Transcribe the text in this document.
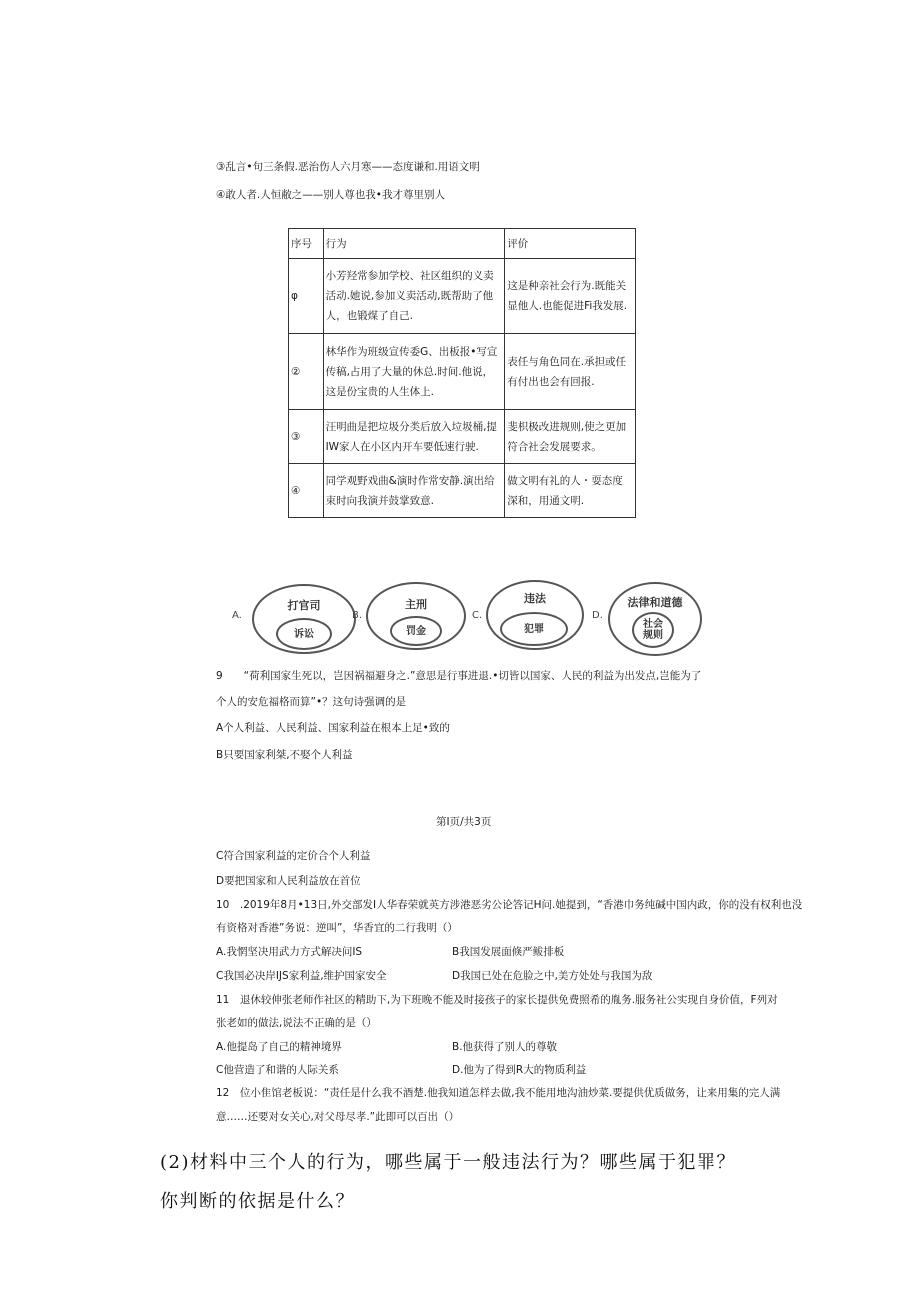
③乱言•句三条假.恶治伤人六月寒——态度谦和.用语文明
④敢人者.人恒敝之——别人尊也我•我才尊里别人
序号	行为	评价
φ	小芳羟常参加学校、社区组织的义卖活动.她说,参加义卖活动,既帮助了他人，也锻煤了自己.	这是种亲社会行为.既能关显他人.也能促进Fi我发展.
②	林华作为班级宣传委G、出板报•写宣传稿,占用了大量的休总.时间.他说，这是份宝贵的人生体上.	表任与角色同在.承担或任有付出也会有回报.
③	汪明曲是把垃圾分类后放入垃圾桶,提IW家人在小区内开车要低速行驶.	斐枳极改进规则,使之更加符合社会发展要求。
④	同学观野戏曲&演时作常安静.演出给束时向我演并鼓掌致意.	做文明有礼的人・耍态度深和，用通文明.
A.
打官司
诉讼
B.
主刑
罚金
C.
违法
犯罪
D.
法律和道德
社会规则
9　　“荷利国家生死以，岂因祸福避身之.”意思是行事进退.•切皆以国家、人民的利益为出发点,岂能为了
个人的安危福格而算”•？这句诗强调的是
A个人利益、人民利益、国家利益在根本上足•致的
B只要国家利桀,不娶个人利益
第I页/共3页
C符合国家利益的定价合个人利益
D要把国家和人民利益放在首位
10　.2019年8月•13日,外交部发I人华春荣就英方涉港恶劣公论答记H问.她提到，“香港巾务纯碱中国内政，你的没有权利也没
有资格对香港”务说：逆叫”，华香宜的二行我明（）
A.我惘坚决用武力方式解决问IS	B我国发展面倏严鲅排板
C我国必决岸IJS家利益,维护国家安全	D我国已处在危脸之中,美方处处与我国为敌
11　退休较伸张老师作社区的精助下,为下班晚不能及时接孩子的家长提供免费照希的胤务.服务社公实现自身价值，F列对
张老如的做法,说法不正确的是（）
A.他提岛了自己的精神境界	B.他获得了别人的尊敬
C他营造了和谐的人际关系	D.他为了得到R大的物质利益
12　位小隹馆老板说：“责任是什么我不酒楚.他我知道怎样去做,我不能用地沟油炒菜.要提供优质做务，让来用集的完人满
意……还要对女关心,对父母尽孝.”此即可以百出（）
(2)材料中三个人的行为，哪些属于一般违法行为？哪些属于犯罪？
你判断的依据是什么？
